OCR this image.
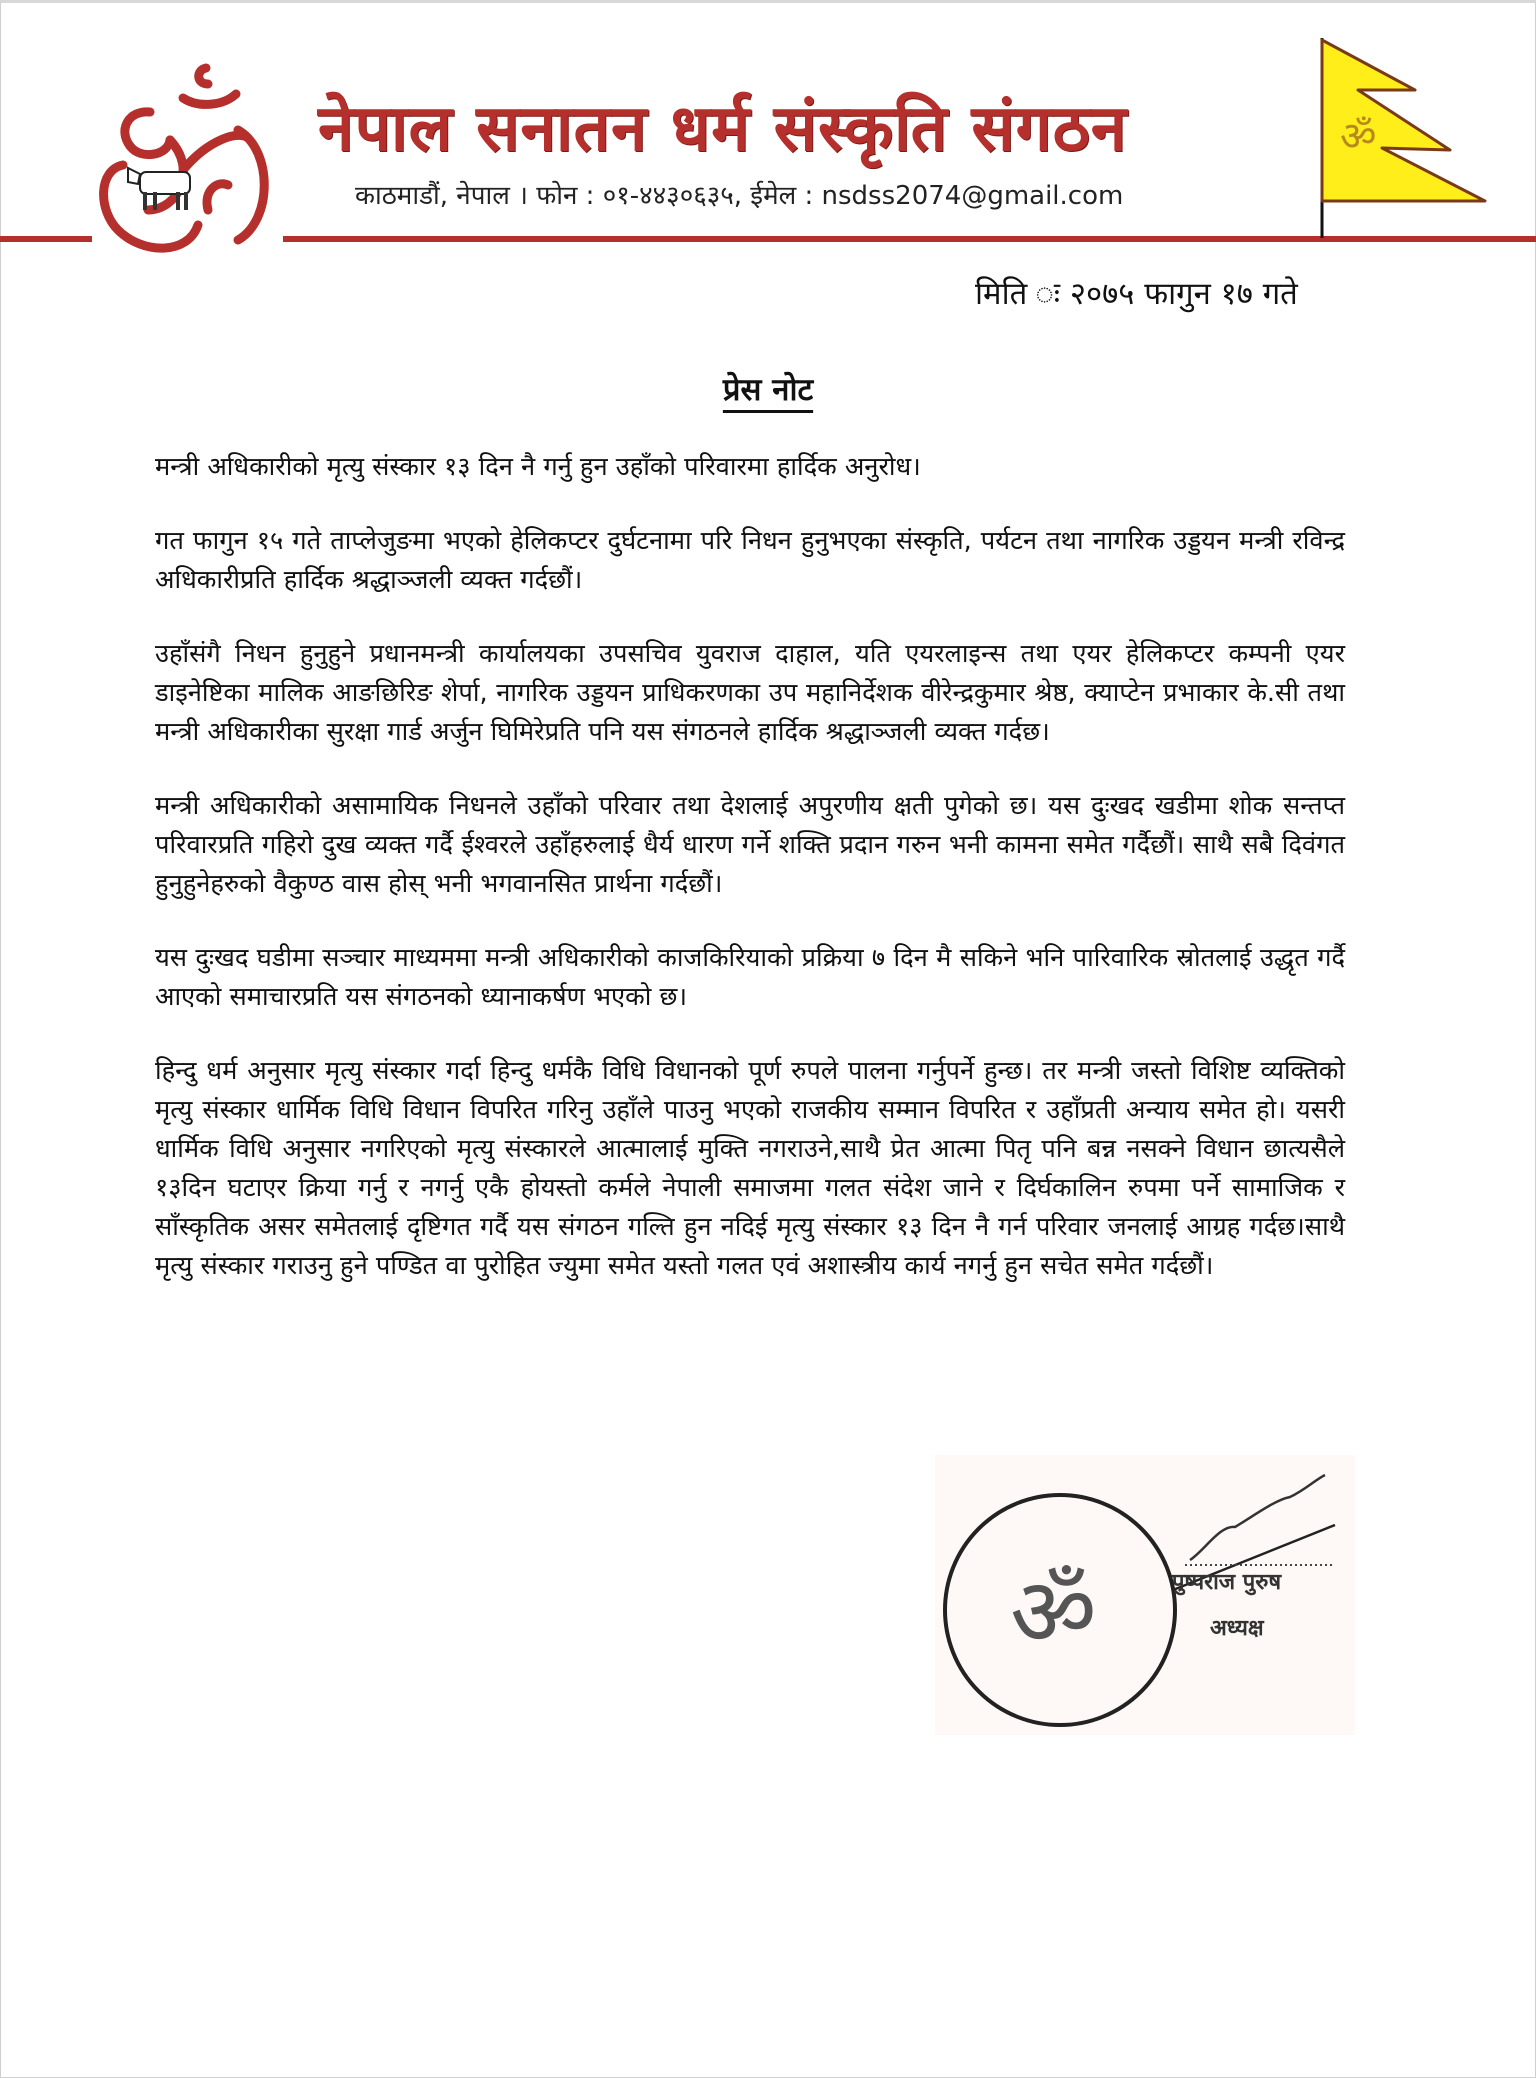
ॐ
नेपाल सनातन धर्म संस्कृति संगठन
काठमाडौं, नेपाल । फोन : ०१-४४३०६३५, ईमेल : nsdss2074@gmail.com
ॐ
मिति ः २०७५ फागुन १७ गते
प्रेस नोट

मन्त्री अधिकारीको मृत्यु संस्कार १३ दिन नै गर्नु हुन उहाँको परिवारमा हार्दिक अनुरोध।

गत फागुन १५ गते ताप्लेजुङमा भएको हेलिकप्टर दुर्घटनामा परि निधन हुनुभएका संस्कृति, पर्यटन तथा नागरिक उड्डयन मन्त्री रविन्द्र अधिकारीप्रति हार्दिक श्रद्धाञ्जली व्यक्त गर्दछौं।

उहाँसंगै निधन हुनुहुने प्रधानमन्त्री कार्यालयका उपसचिव युवराज दाहाल, यति एयरलाइन्स तथा एयर हेलिकप्टर कम्पनी एयर डाइनेष्टिका मालिक आङछिरिङ शेर्पा, नागरिक उड्डयन प्राधिकरणका उप महानिर्देशक वीरेन्द्रकुमार श्रेष्ठ, क्याप्टेन प्रभाकार के.सी तथा मन्त्री अधिकारीका सुरक्षा गार्ड अर्जुन घिमिरेप्रति पनि यस संगठनले हार्दिक श्रद्धाञ्जली व्यक्त गर्दछ।

मन्त्री अधिकारीको असामायिक निधनले उहाँको परिवार तथा देशलाई अपुरणीय क्षती पुगेको छ। यस दुःखद खडीमा शोक सन्तप्त परिवारप्रति गहिरो दुख व्यक्त गर्दै ईश्वरले उहाँहरुलाई धैर्य धारण गर्ने शक्ति प्रदान गरुन भनी कामना समेत गर्दैछौं। साथै सबै दिवंगत हुनुहुनेहरुको वैकुण्ठ वास होस् भनी भगवानसित प्रार्थना गर्दछौं।

यस दुःखद घडीमा सञ्चार माध्यममा मन्त्री अधिकारीको काजकिरियाको प्रक्रिया ७ दिन मै सकिने भनि पारिवारिक स्रोतलाई उद्धृत गर्दै आएको समाचारप्रति यस संगठनको ध्यानाकर्षण भएको छ।

हिन्दु धर्म अनुसार मृत्यु संस्कार गर्दा हिन्दु धर्मकै विधि विधानको पूर्ण रुपले पालना गर्नुपर्ने हुन्छ। तर मन्त्री जस्तो विशिष्ट व्यक्तिको मृत्यु संस्कार धार्मिक विधि विधान विपरित गरिनु उहाँले पाउनु भएको राजकीय सम्मान विपरित र उहाँप्रती अन्याय समेत हो। यसरी धार्मिक विधि अनुसार नगरिएको मृत्यु संस्कारले आत्मालाई मुक्ति नगराउने,साथै प्रेत आत्मा पितृ पनि बन्न नसक्ने विधान छात्यसैले १३दिन घटाएर क्रिया गर्नु र नगर्नु एकै होयस्तो कर्मले नेपाली समाजमा गलत संदेश जाने र दिर्घकालिन रुपमा पर्ने सामाजिक र साँस्कृतिक असर समेतलाई दृष्टिगत गर्दै यस संगठन गल्ति हुन नदिई मृत्यु संस्कार १३ दिन नै गर्न परिवार जनलाई आग्रह गर्दछ।साथै मृत्यु संस्कार गराउनु हुने पण्डित वा पुरोहित ज्युमा समेत यस्तो गलत एवं अशास्त्रीय कार्य नगर्नु हुन सचेत समेत गर्दछौं।

ॐ	पुष्पराज पुरुष
अध्यक्ष
